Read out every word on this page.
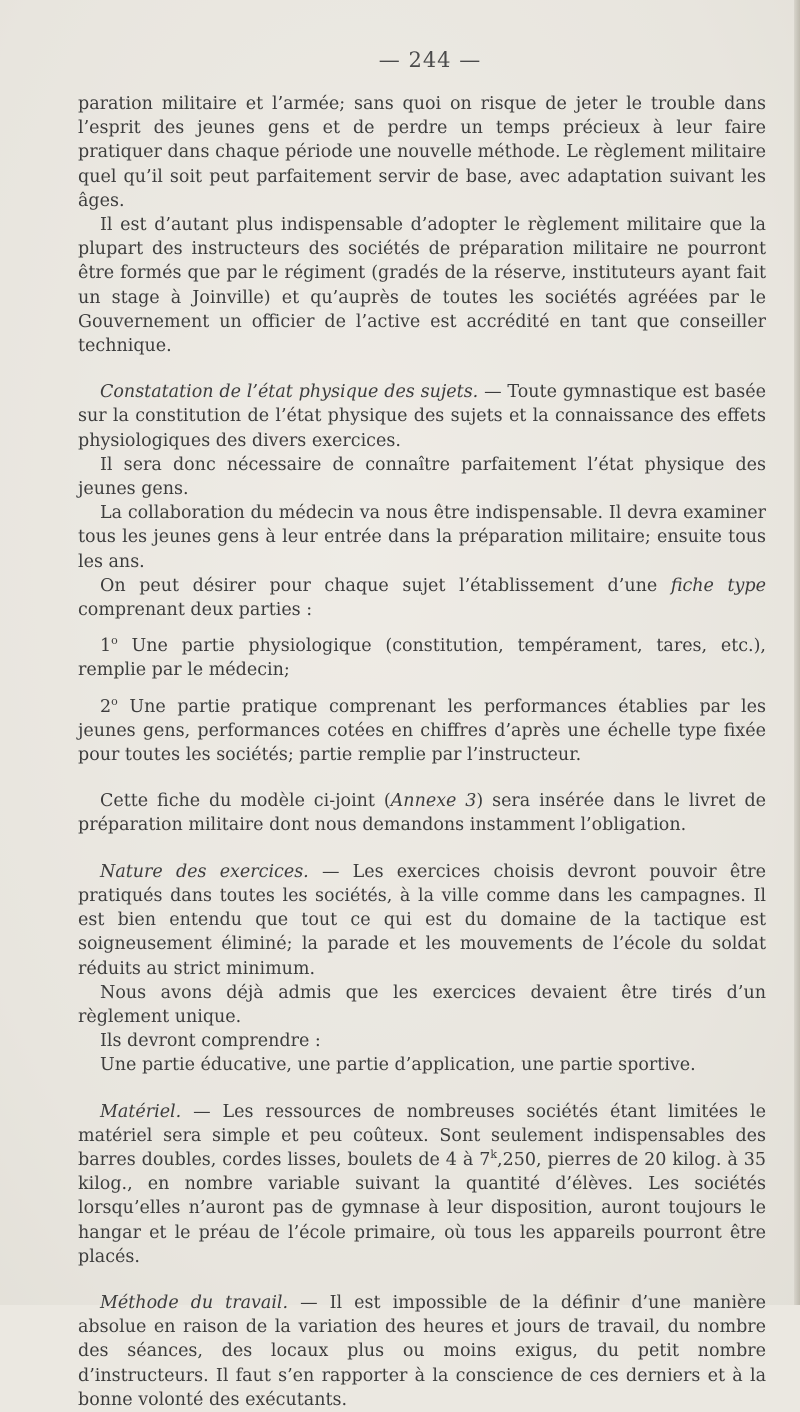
— 244 —

paration militaire et l’armée; sans quoi on risque de jeter le trouble dans l’esprit des jeunes gens et de perdre un temps précieux à leur faire pratiquer dans chaque période une nouvelle méthode. Le règlement militaire quel qu’il soit peut parfaitement servir de base, avec adaptation suivant les âges.

Il est d’autant plus indispensable d’adopter le règlement militaire que la plupart des instructeurs des sociétés de préparation militaire ne pourront être formés que par le régiment (gradés de la réserve, instituteurs ayant fait un stage à Joinville) et qu’auprès de toutes les sociétés agréées par le Gouvernement un officier de l’active est accrédité en tant que conseiller technique.

Constatation de l’état physique des sujets. — Toute gymnastique est basée sur la constitution de l’état physique des sujets et la connaissance des effets physiologiques des divers exercices.

Il sera donc nécessaire de connaître parfaitement l’état physique des jeunes gens.

La collaboration du médecin va nous être indispensable. Il devra examiner tous les jeunes gens à leur entrée dans la préparation militaire; ensuite tous les ans.

On peut désirer pour chaque sujet l’établissement d’une fiche type comprenant deux parties :

1$^o$ Une partie physiologique (constitution, tempérament, tares, etc.), remplie par le médecin;

2$^o$ Une partie pratique comprenant les performances établies par les jeunes gens, performances cotées en chiffres d’après une échelle type fixée pour toutes les sociétés; partie remplie par l’instructeur.

Cette fiche du modèle ci-joint (Annexe 3) sera insérée dans le livret de préparation militaire dont nous demandons instamment l’obligation.

Nature des exercices. — Les exercices choisis devront pouvoir être pratiqués dans toutes les sociétés, à la ville comme dans les campagnes. Il est bien entendu que tout ce qui est du domaine de la tactique est soigneusement éliminé; la parade et les mouvements de l’école du soldat réduits au strict minimum.

Nous avons déjà admis que les exercices devaient être tirés d’un règlement unique.

Ils devront comprendre :

Une partie éducative, une partie d’application, une partie sportive.

Matériel. — Les ressources de nombreuses sociétés étant limitées le matériel sera simple et peu coûteux. Sont seulement indispensables des barres doubles, cordes lisses, boulets de 4 à 7$^k$,250, pierres de 20 kilog. à 35 kilog., en nombre variable suivant la quantité d’élèves. Les sociétés lorsqu’elles n’auront pas de gymnase à leur disposition, auront toujours le hangar et le préau de l’école primaire, où tous les appareils pourront être placés.

Méthode du travail. — Il est impossible de la définir d’une manière absolue en raison de la variation des heures et jours de travail, du nombre des séances, des locaux plus ou moins exigus, du petit nombre d’instructeurs. Il faut s’en rapporter à la conscience de ces derniers et à la bonne volonté des exécutants.
